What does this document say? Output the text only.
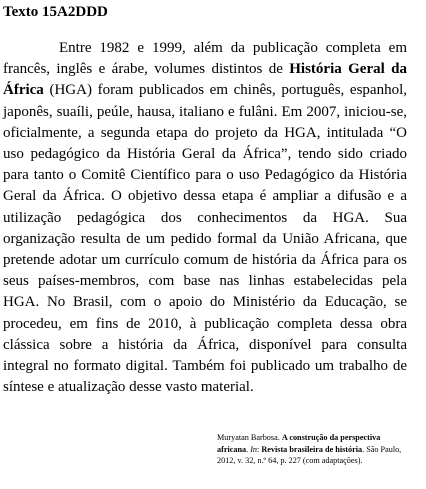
Texto 15A2DDD

Entre 1982 e 1999, além da publicação completa em francês, inglês e árabe, volumes distintos de História Geral da África (HGA) foram publicados em chinês, português, espanhol, japonês, suaíli, peúle, hausa, italiano e fulâni. Em 2007, iniciou-se, oficialmente, a segunda etapa do projeto da HGA, intitulada “O uso pedagógico da História Geral da África”, tendo sido criado para tanto o Comitê Científico para o uso Pedagógico da História Geral da África. O objetivo dessa etapa é ampliar a difusão e a utilização pedagógica dos conhecimentos da HGA. Sua organização resulta de um pedido formal da União Africana, que pretende adotar um currículo comum de história da África para os seus países-membros, com base nas linhas estabelecidas pela HGA. No Brasil, com o apoio do Ministério da Educação, se procedeu, em fins de 2010, à publicação completa dessa obra clássica sobre a história da África, disponível para consulta integral no formato digital. Também foi publicado um trabalho de síntese e atualização desse vasto material.

Muryatan Barbosa. A construção da perspectiva africana. In: Revista brasileira de história. São Paulo, 2012, v. 32, n.º 64, p. 227 (com adaptações).
